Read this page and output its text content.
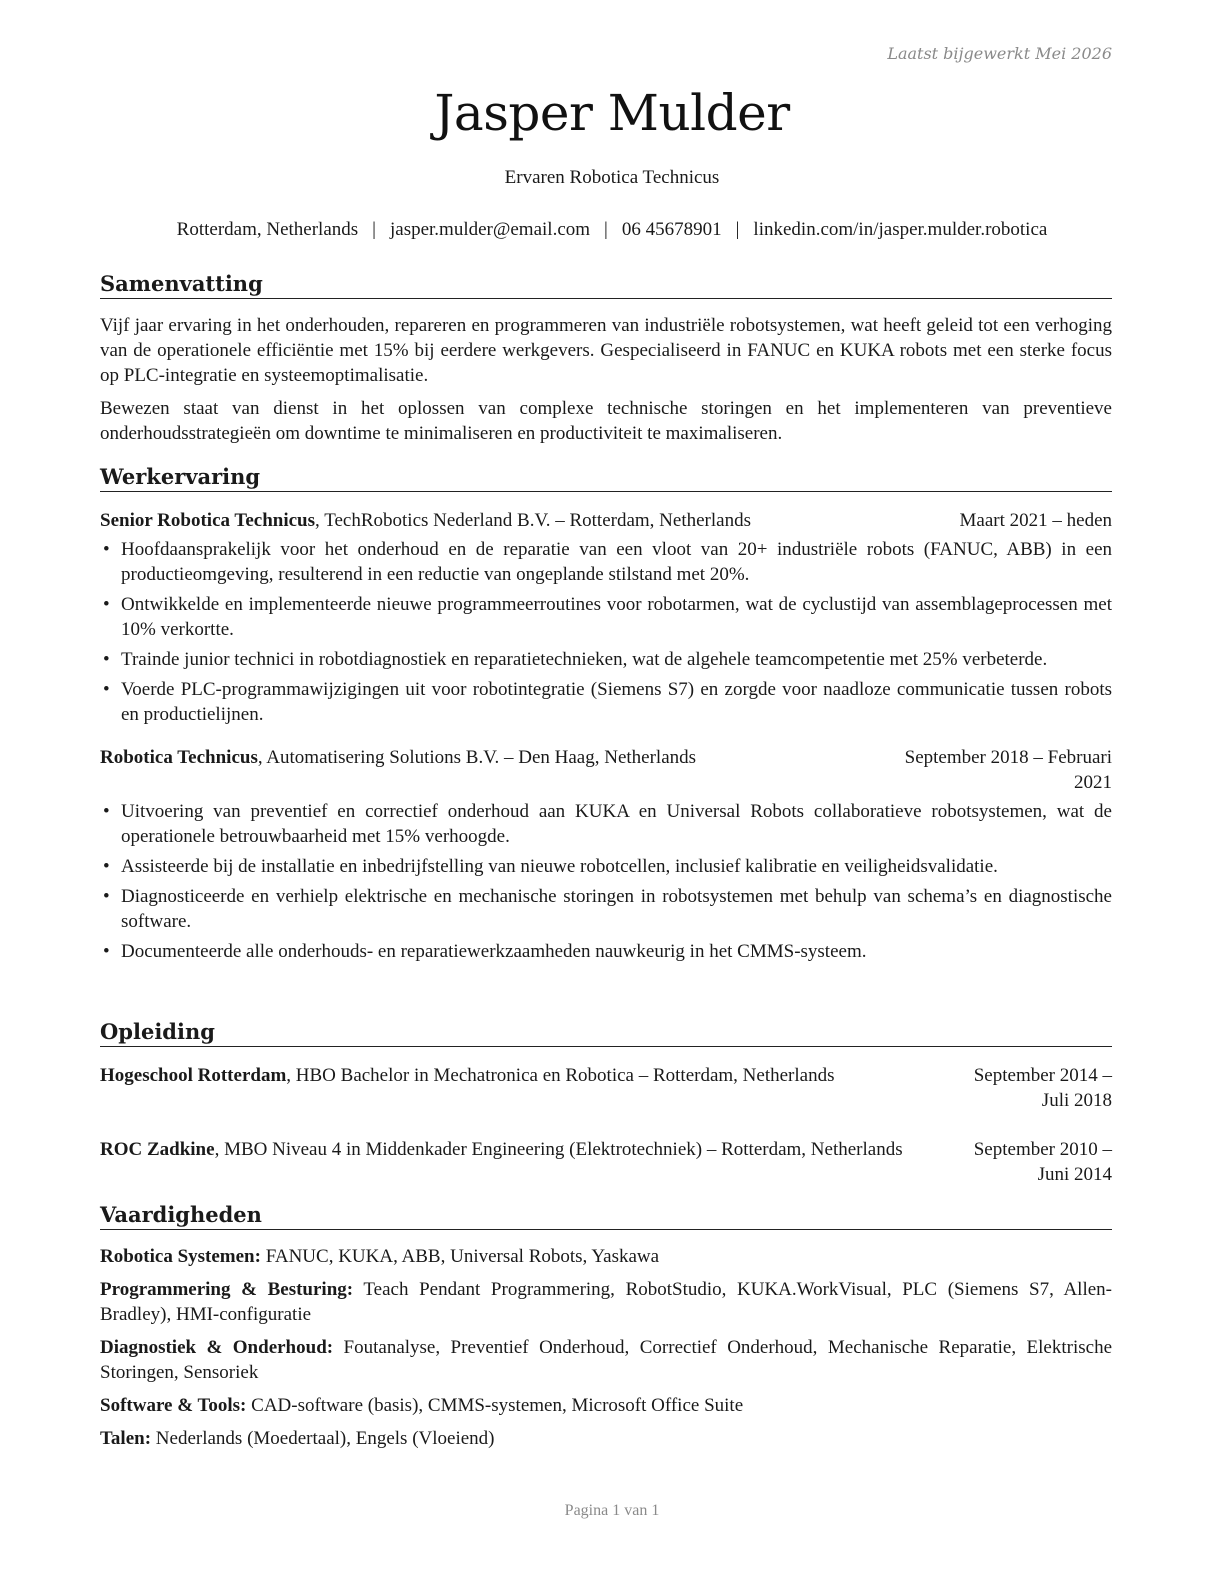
Laatst bijgewerkt Mei 2026
Jasper Mulder
Ervaren Robotica Technicus
Rotterdam, Netherlands | jasper.mulder@email.com | 06 45678901 | linkedin.com/in/jasper.mulder.robotica
Samenvatting
Vijf jaar ervaring in het onderhouden, repareren en programmeren van industriële robotsystemen, wat heeft geleid tot een verhoging van de operationele efficiëntie met 15% bij eerdere werkgevers. Gespecialiseerd in FANUC en KUKA robots met een sterke focus op PLC-integratie en systeemoptimalisatie.
Bewezen staat van dienst in het oplossen van complexe technische storingen en het implementeren van preventieve onderhoudsstrategieën om downtime te minimaliseren en productiviteit te maximaliseren.
Werkervaring
Senior Robotica Technicus, TechRobotics Nederland B.V. – Rotterdam, Netherlands	Maart 2021 – heden
• Hoofdaansprakelijk voor het onderhoud en de reparatie van een vloot van 20+ industriële robots (FANUC, ABB) in een productieomgeving, resulterend in een reductie van ongeplande stilstand met 20%.
• Ontwikkelde en implementeerde nieuwe programmeerroutines voor robotarmen, wat de cyclustijd van assemblageprocessen met 10% verkortte.
• Trainde junior technici in robotdiagnostiek en reparatietechnieken, wat de algehele teamcompetentie met 25% verbeterde.
• Voerde PLC-programmawijzigingen uit voor robotintegratie (Siemens S7) en zorgde voor naadloze communicatie tussen robots en productielijnen.
Robotica Technicus, Automatisering Solutions B.V. – Den Haag, Netherlands	September 2018 – Februari 2021
• Uitvoering van preventief en correctief onderhoud aan KUKA en Universal Robots collaboratieve robotsystemen, wat de operationele betrouwbaarheid met 15% verhoogde.
• Assisteerde bij de installatie en inbedrijfstelling van nieuwe robotcellen, inclusief kalibratie en veiligheidsvalidatie.
• Diagnosticeerde en verhielp elektrische en mechanische storingen in robotsystemen met behulp van schema’s en diagnostische software.
• Documenteerde alle onderhouds- en reparatiewerkzaamheden nauwkeurig in het CMMS-systeem.
Opleiding
Hogeschool Rotterdam, HBO Bachelor in Mechatronica en Robotica – Rotterdam, Netherlands	September 2014 – Juli 2018
ROC Zadkine, MBO Niveau 4 in Middenkader Engineering (Elektrotechniek) – Rotterdam, Netherlands	September 2010 – Juni 2014
Vaardigheden
Robotica Systemen: FANUC, KUKA, ABB, Universal Robots, Yaskawa
Programmering & Besturing: Teach Pendant Programmering, RobotStudio, KUKA.WorkVisual, PLC (Siemens S7, Allen-Bradley), HMI-configuratie
Diagnostiek & Onderhoud: Foutanalyse, Preventief Onderhoud, Correctief Onderhoud, Mechanische Reparatie, Elektrische Storingen, Sensoriek
Software & Tools: CAD-software (basis), CMMS-systemen, Microsoft Office Suite
Talen: Nederlands (Moedertaal), Engels (Vloeiend)
Pagina 1 van 1
